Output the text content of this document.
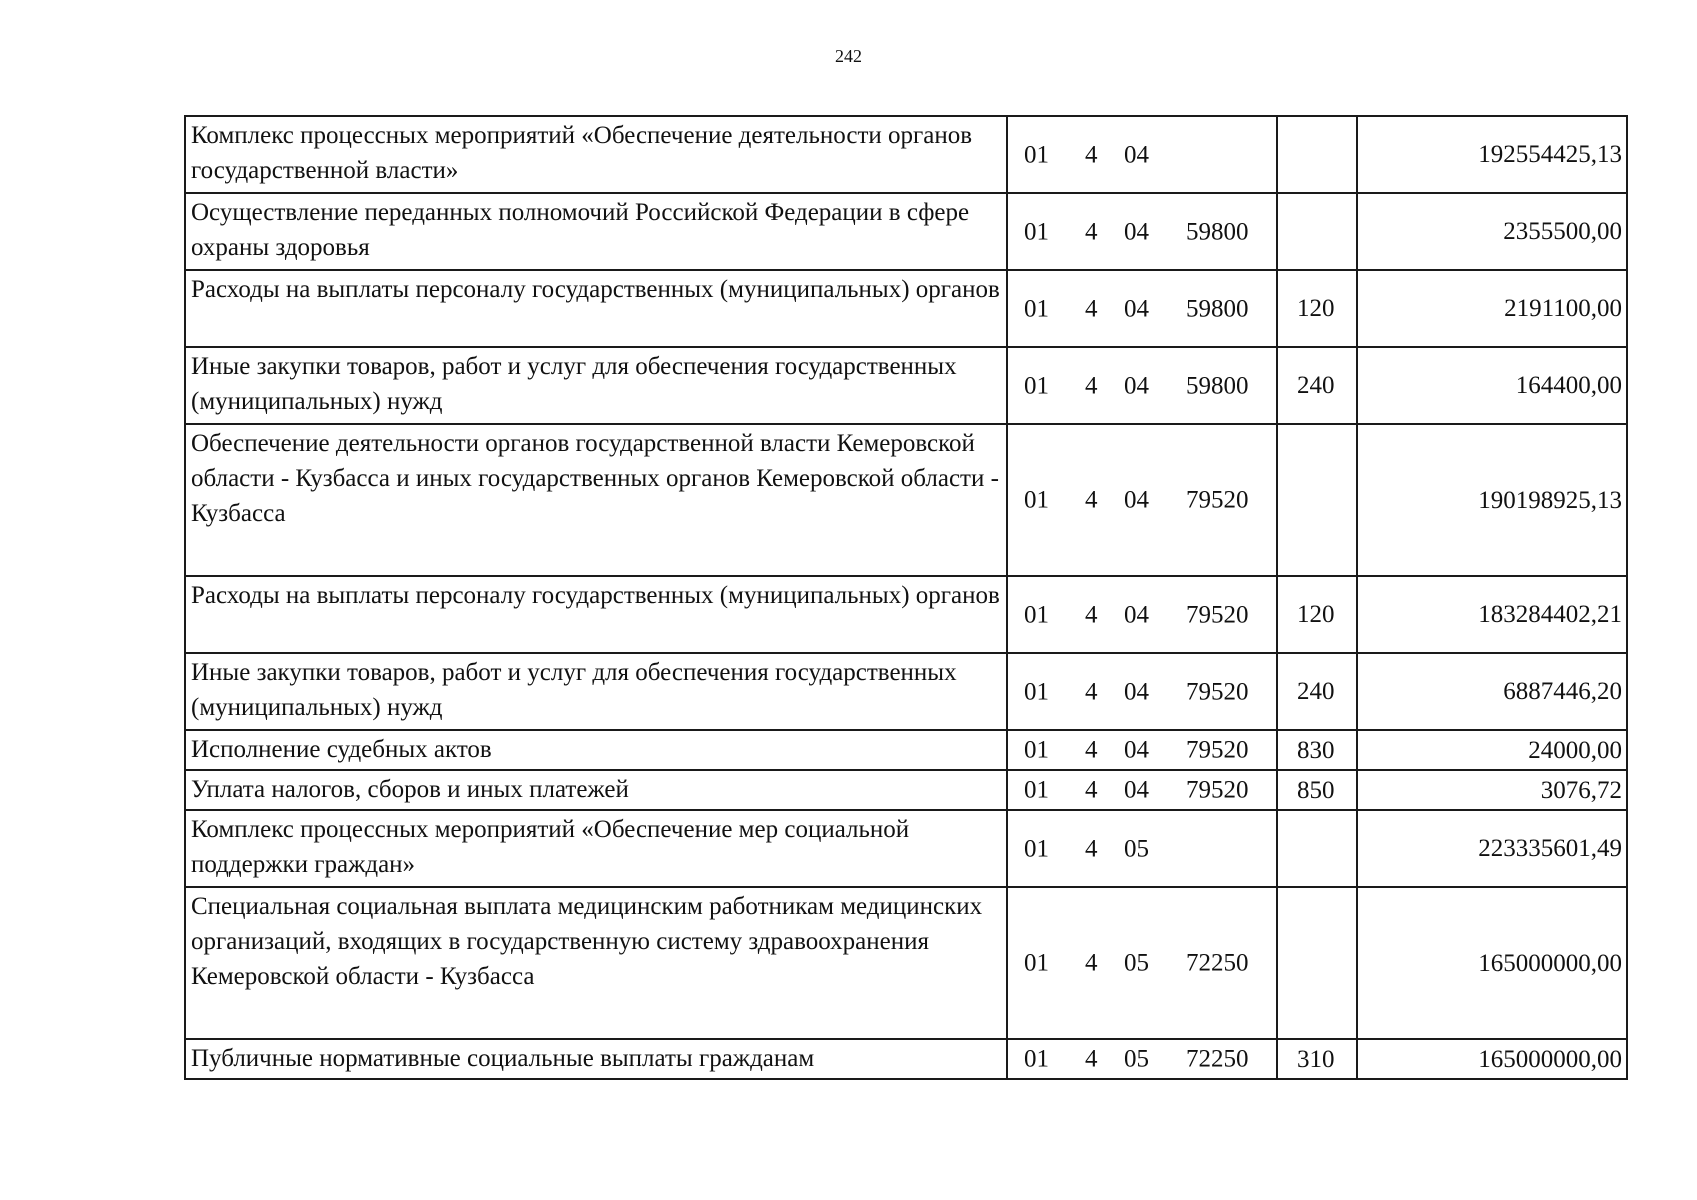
242
Комплекс процессных мероприятий «Обеспечение деятельности органов государственной власти»	01 4 04		192554425,13
Осуществление переданных полномочий Российской Федерации в сфере охраны здоровья	01 4 04 59800		2355500,00
Расходы на выплаты персоналу государственных (муниципальных) органов	01 4 04 59800	120	2191100,00
Иные закупки товаров, работ и услуг для обеспечения государственных (муниципальных) нужд	01 4 04 59800	240	164400,00
Обеспечение деятельности органов государственной власти Кемеровской области - Кузбасса и иных государственных органов Кемеровской области - Кузбасса	01 4 04 79520		190198925,13
Расходы на выплаты персоналу государственных (муниципальных) органов	01 4 04 79520	120	183284402,21
Иные закупки товаров, работ и услуг для обеспечения государственных (муниципальных) нужд	01 4 04 79520	240	6887446,20
Исполнение судебных актов	01 4 04 79520	830	24000,00
Уплата налогов, сборов и иных платежей	01 4 04 79520	850	3076,72
Комплекс процессных мероприятий «Обеспечение мер социальной поддержки граждан»	01 4 05		223335601,49
Специальная социальная выплата медицинским работникам медицинских организаций, входящих в государственную систему здравоохранения Кемеровской области - Кузбасса	01 4 05 72250		165000000,00
Публичные нормативные социальные выплаты гражданам	01 4 05 72250	310	165000000,00
